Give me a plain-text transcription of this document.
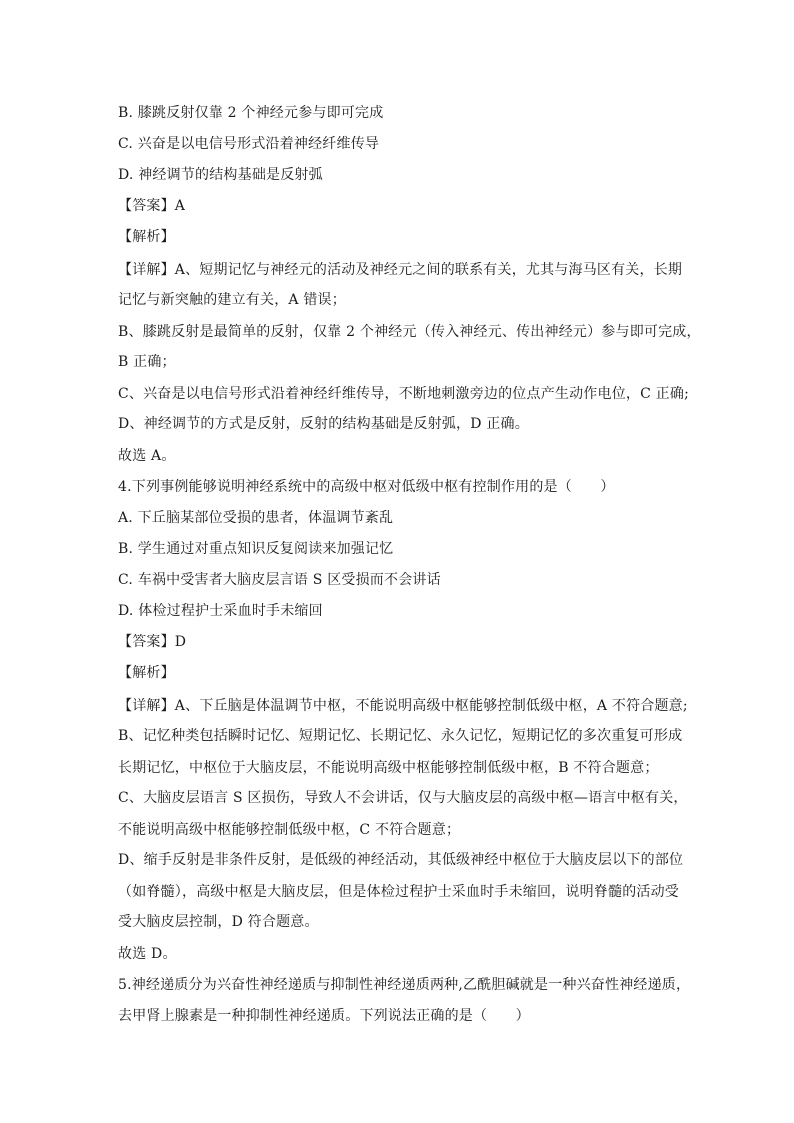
B. 膝跳反射仅靠 2 个神经元参与即可完成
C. 兴奋是以电信号形式沿着神经纤维传导
D. 神经调节的结构基础是反射弧
【答案】A
【解析】
【详解】A、短期记忆与神经元的活动及神经元之间的联系有关，尤其与海马区有关，长期
记忆与新突触的建立有关，A 错误；
B、膝跳反射是最简单的反射，仅靠 2 个神经元（传入神经元、传出神经元）参与即可完成，
B 正确；
C、兴奋是以电信号形式沿着神经纤维传导，不断地刺激旁边的位点产生动作电位，C 正确;
D、神经调节的方式是反射，反射的结构基础是反射弧，D 正确。
故选 A。
4.下列事例能够说明神经系统中的高级中枢对低级中枢有控制作用的是（　　）
A. 下丘脑某部位受损的患者，体温调节紊乱
B. 学生通过对重点知识反复阅读来加强记忆
C. 车祸中受害者大脑皮层言语 S 区受损而不会讲话
D. 体检过程护士采血时手未缩回
【答案】D
【解析】
【详解】A、下丘脑是体温调节中枢，不能说明高级中枢能够控制低级中枢，A 不符合题意;
B、记忆种类包括瞬时记忆、短期记忆、长期记忆、永久记忆，短期记忆的多次重复可形成
长期记忆，中枢位于大脑皮层，不能说明高级中枢能够控制低级中枢，B 不符合题意；
C、大脑皮层语言 S 区损伤，导致人不会讲话，仅与大脑皮层的高级中枢—语言中枢有关，
不能说明高级中枢能够控制低级中枢，C 不符合题意；
D、缩手反射是非条件反射，是低级的神经活动，其低级神经中枢位于大脑皮层以下的部位
（如脊髓），高级中枢是大脑皮层，但是体检过程护士采血时手未缩回，说明脊髓的活动受
受大脑皮层控制，D 符合题意。
故选 D。
5.神经递质分为兴奋性神经递质与抑制性神经递质两种,乙酰胆碱就是一种兴奋性神经递质，
去甲肾上腺素是一种抑制性神经递质。下列说法正确的是（　　）
